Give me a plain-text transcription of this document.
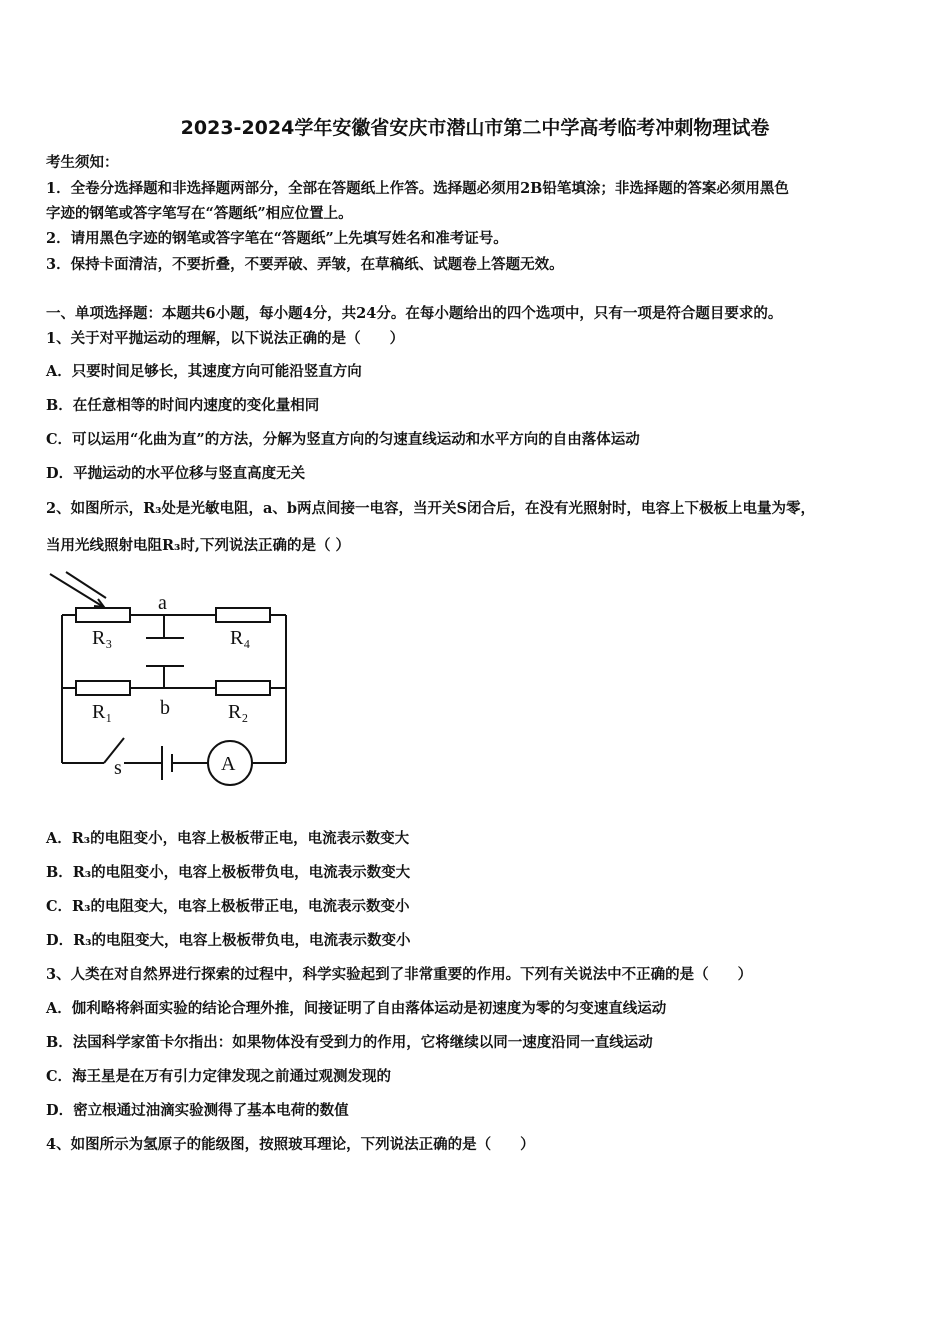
2023-2024学年安徽省安庆市潜山市第二中学高考临考冲刺物理试卷
考生须知：
1．全卷分选择题和非选择题两部分，全部在答题纸上作答。选择题必须用2B铅笔填涂；非选择题的答案必须用黑色
字迹的钢笔或答字笔写在“答题纸”相应位置上。
2．请用黑色字迹的钢笔或答字笔在“答题纸”上先填写姓名和准考证号。
3．保持卡面清洁，不要折叠，不要弄破、弄皱，在草稿纸、试题卷上答题无效。
一、单项选择题：本题共6小题，每小题4分，共24分。在每小题给出的四个选项中，只有一项是符合题目要求的。
1、关于对平抛运动的理解，以下说法正确的是（　　）
A．只要时间足够长，其速度方向可能沿竖直方向
B．在任意相等的时间内速度的变化量相同
C．可以运用“化曲为直”的方法，分解为竖直方向的匀速直线运动和水平方向的自由落体运动
D．平抛运动的水平位移与竖直高度无关
2、如图所示，R₃处是光敏电阻，a、b两点间接一电容，当开关S闭合后，在没有光照射时，电容上下极板上电量为零，
当用光线照射电阻R₃时,下列说法正确的是（ ）
a
R₃	R₄
b
R₁	R₂
s	A
A．R₃的电阻变小，电容上极板带正电，电流表示数变大
B．R₃的电阻变小，电容上极板带负电，电流表示数变大
C．R₃的电阻变大，电容上极板带正电，电流表示数变小
D．R₃的电阻变大，电容上极板带负电，电流表示数变小
3、人类在对自然界进行探索的过程中，科学实验起到了非常重要的作用。下列有关说法中不正确的是（　　）
A．伽利略将斜面实验的结论合理外推，间接证明了自由落体运动是初速度为零的匀变速直线运动
B．法国科学家笛卡尔指出：如果物体没有受到力的作用，它将继续以同一速度沿同一直线运动
C．海王星是在万有引力定律发现之前通过观测发现的
D．密立根通过油滴实验测得了基本电荷的数值
4、如图所示为氢原子的能级图，按照玻耳理论，下列说法正确的是（　　）
